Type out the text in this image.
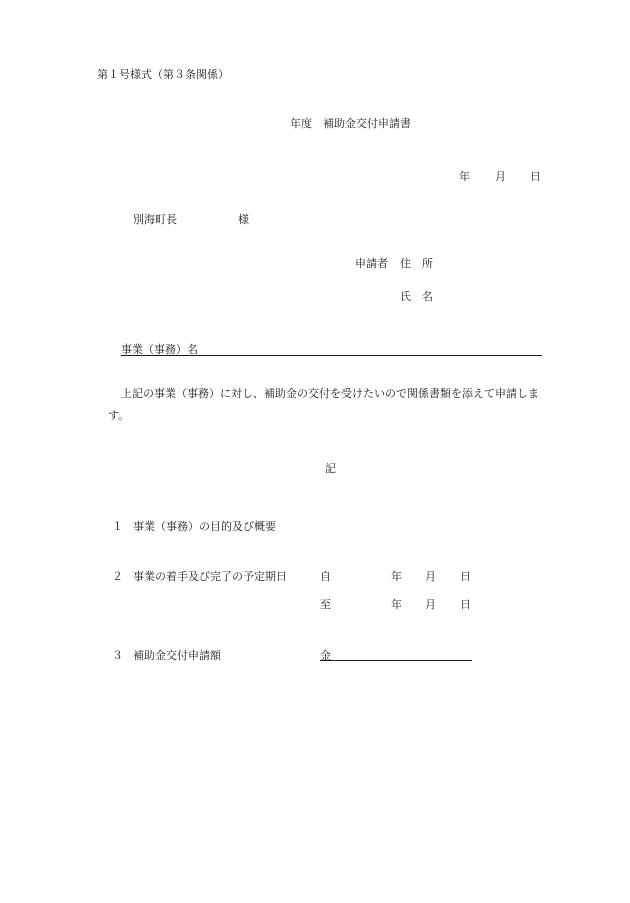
第１号様式（第３条関係）
年度　補助金交付申請書
年 月 日
別海町長	様
申請者 住　所
氏　名
事業（事務）名
上記の事業（事務）に対し、補助金の交付を受けたいので関係書類を添えて申請しま
す。
記
１ 事業（事務）の目的及び概要
２ 事業の着手及び完了の予定期日	自	年 月 日
至	年 月 日
３ 補助金交付申請額	金
